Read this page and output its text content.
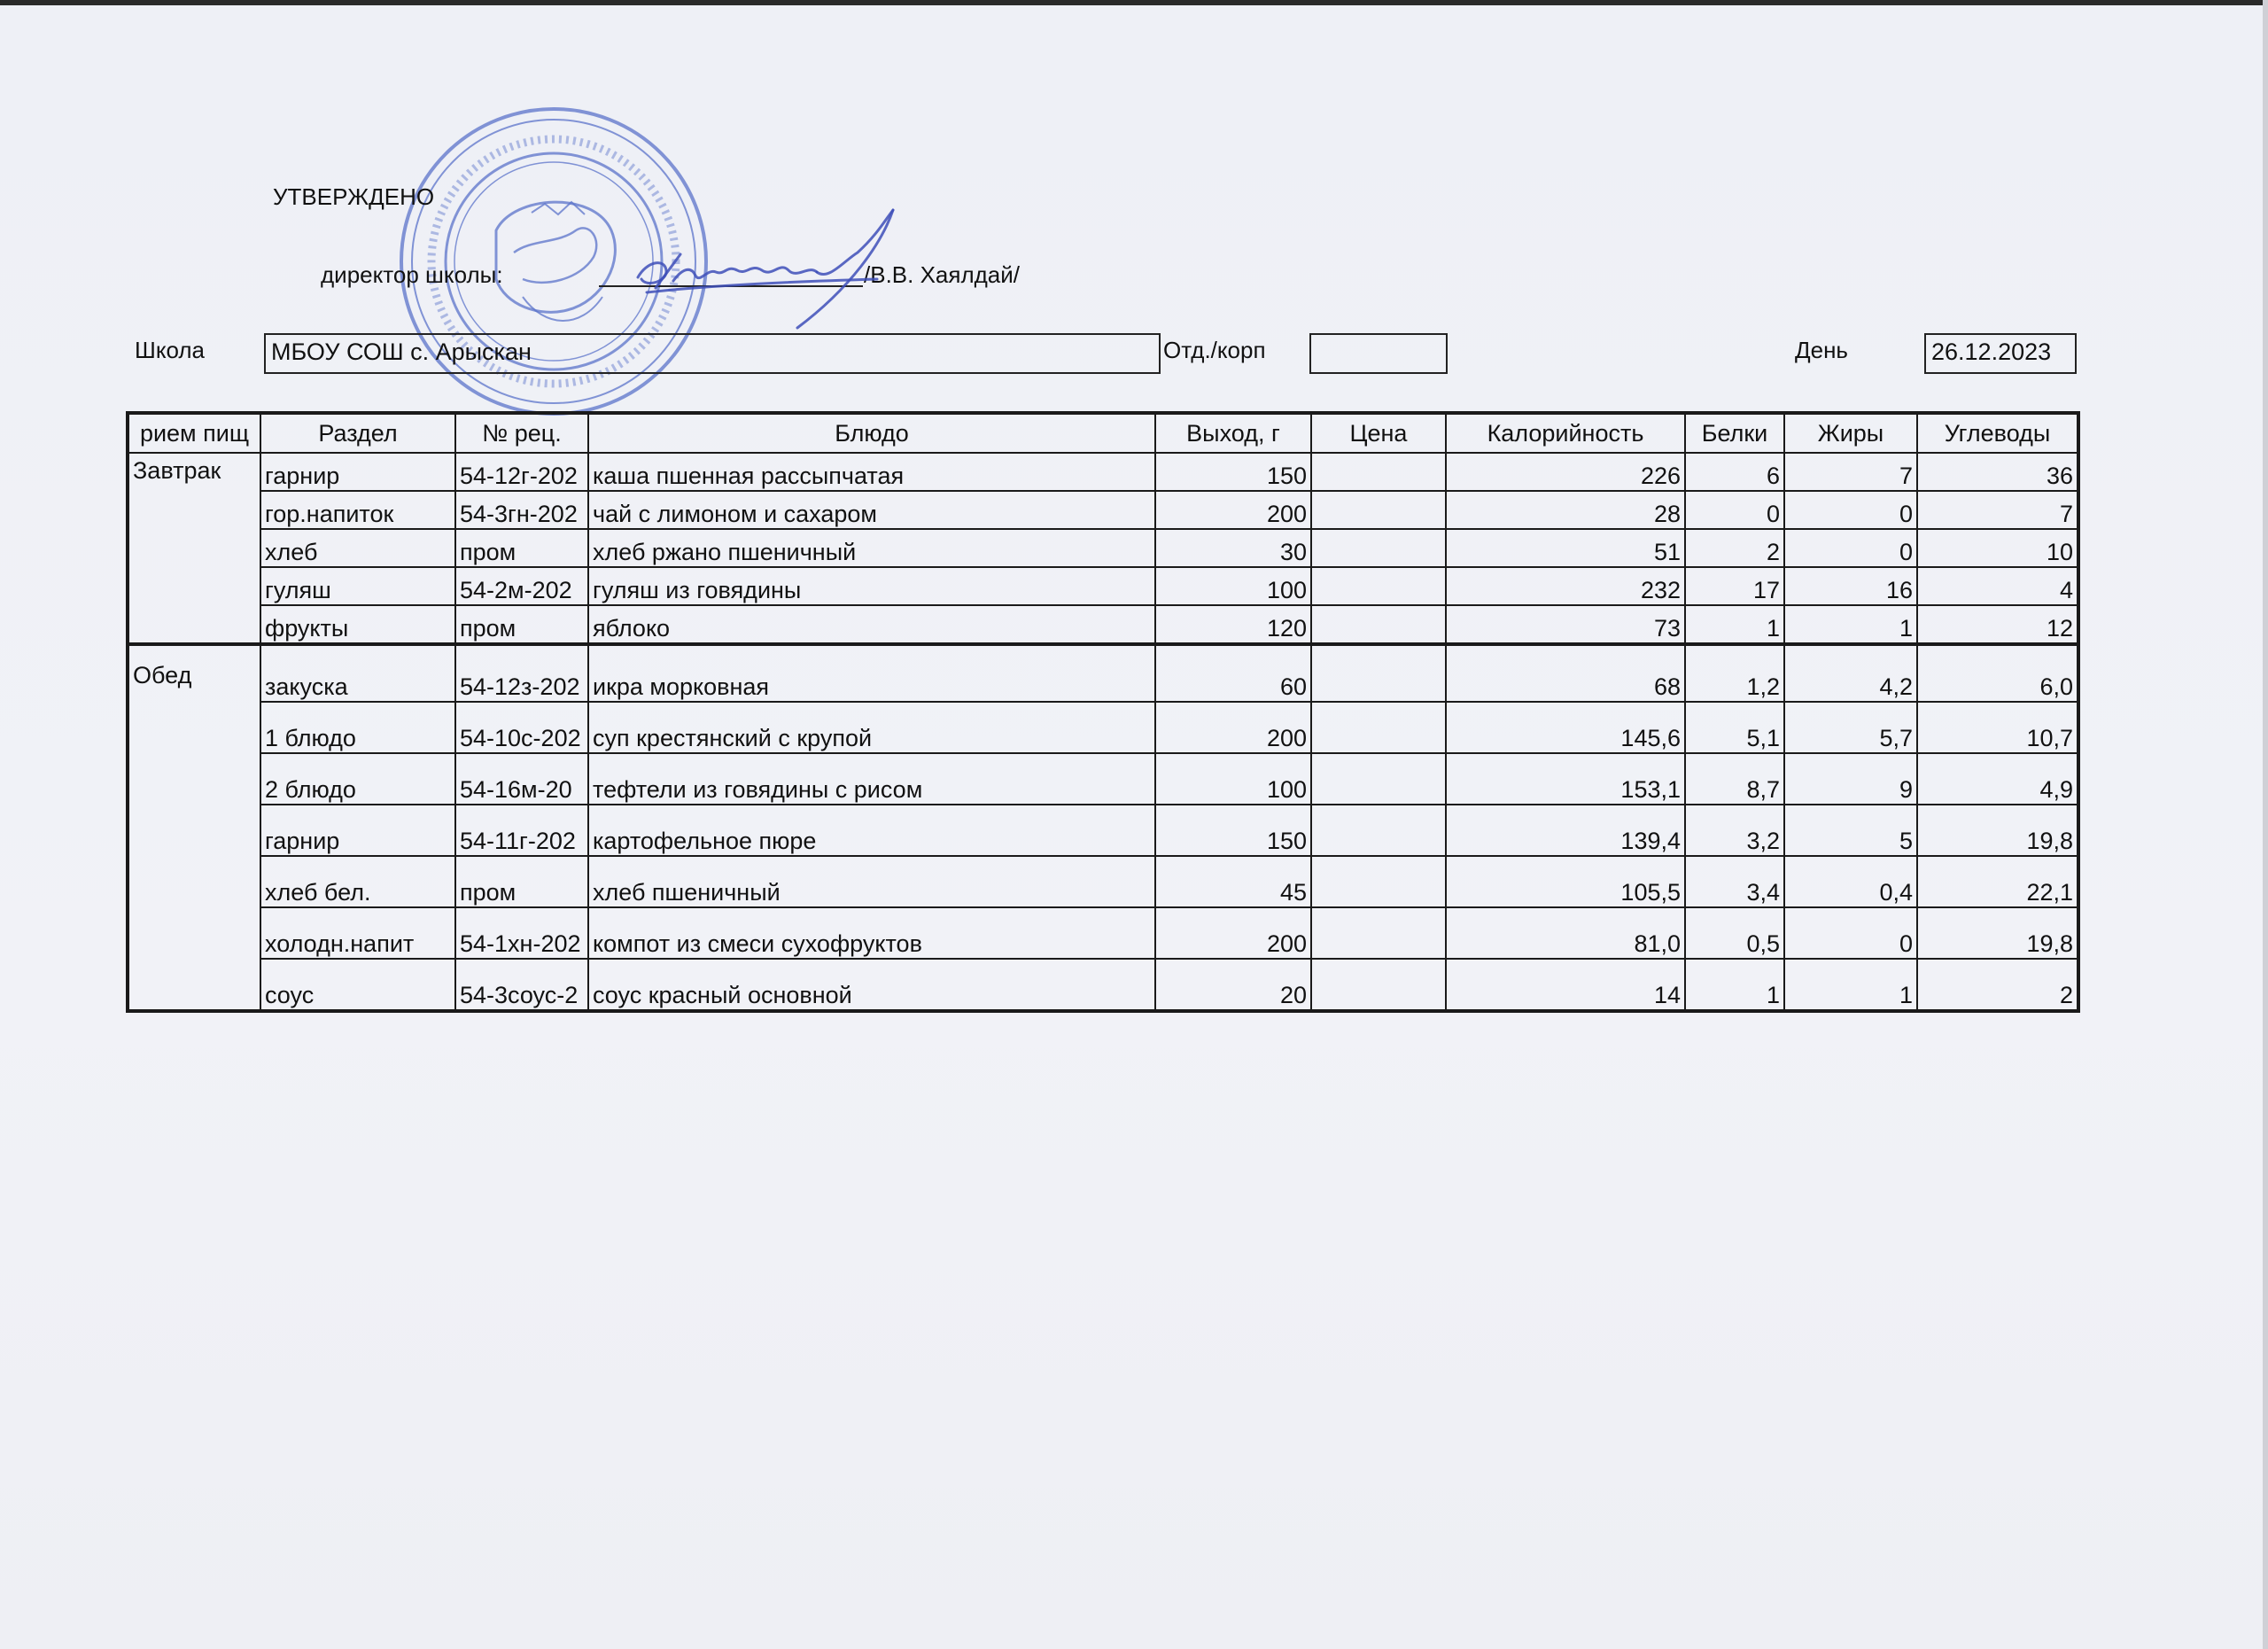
УТВЕРЖДЕНО
директор школы:	/В.В. Хаялдай/
Школа	МБОУ СОШ с. Арыскан	Отд./корп	День	26.12.2023
рием пищ	Раздел	№ рец.	Блюдо	Выход, г	Цена	Калорийность	Белки	Жиры	Углеводы
Завтрак	гарнир	54-12г-202	каша пшенная рассыпчатая	150		226	6	7	36
	гор.напиток	54-3гн-202	чай с лимоном и сахаром	200		28	0	0	7
	хлеб	пром	хлеб ржано пшеничный	30		51	2	0	10
	гуляш	54-2м-202	гуляш из говядины	100		232	17	16	4
	фрукты	пром	яблоко	120		73	1	1	12
Обед	закуска	54-12з-202	икра морковная	60		68	1,2	4,2	6,0
	1 блюдо	54-10с-202	суп крестянский с крупой	200		145,6	5,1	5,7	10,7
	2 блюдо	54-16м-20	тефтели из говядины с рисом	100		153,1	8,7	9	4,9
	гарнир	54-11г-202	картофельное пюре	150		139,4	3,2	5	19,8
	хлеб бел.	пром	хлеб пшеничный	45		105,5	3,4	0,4	22,1
	холодн.напит	54-1хн-202	компот из смеси сухофруктов	200		81,0	0,5	0	19,8
	соус	54-3соус-2	соус красный основной	20		14	1	1	2
